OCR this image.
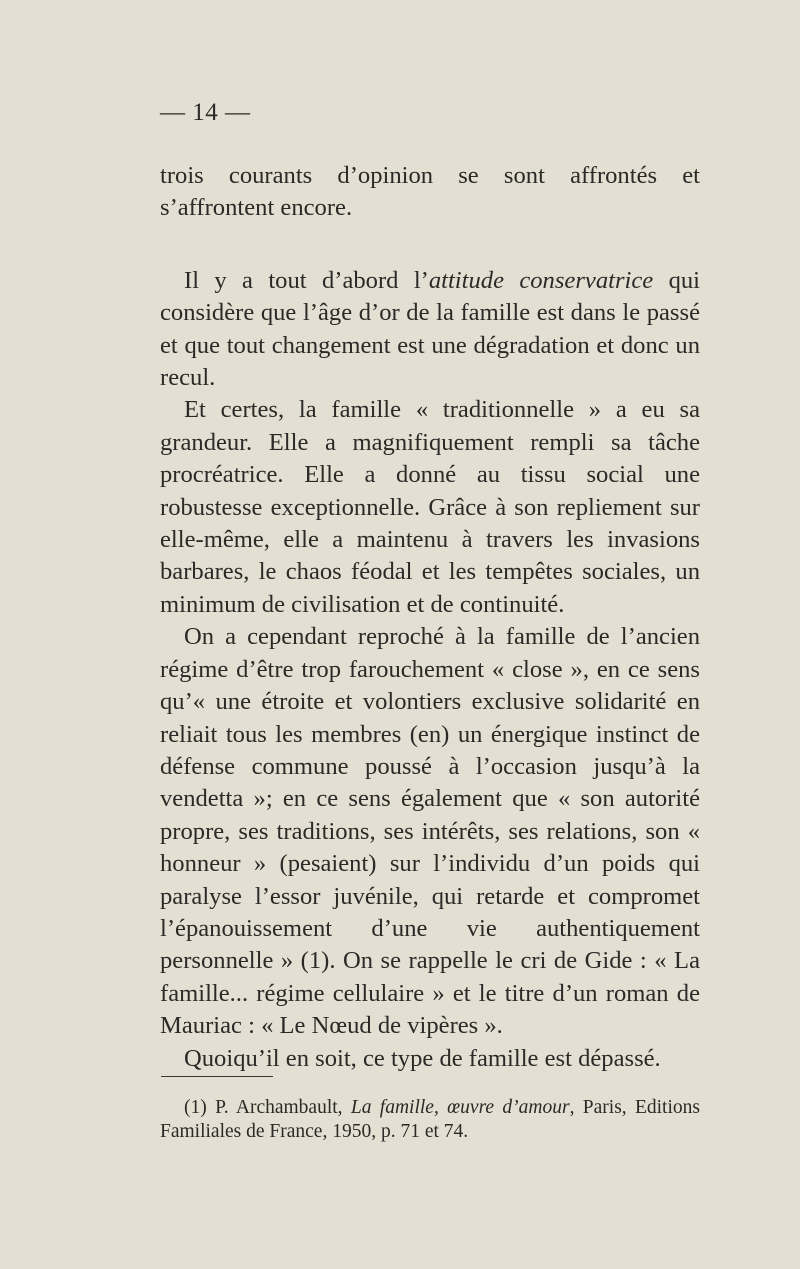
— 14 —

trois courants d’opinion se sont affrontés et s’affrontent encore.

Il y a tout d’abord l’attitude conservatrice qui considère que l’âge d’or de la famille est dans le passé et que tout changement est une dégradation et donc un recul.

Et certes, la famille « traditionnelle » a eu sa grandeur. Elle a magnifiquement rempli sa tâche procréatrice. Elle a donné au tissu social une robustesse exceptionnelle. Grâce à son repliement sur elle-même, elle a maintenu à travers les invasions barbares, le chaos féodal et les tempêtes sociales, un minimum de civilisation et de continuité.

On a cependant reproché à la famille de l’ancien régime d’être trop farouchement « close », en ce sens qu’« une étroite et volontiers exclusive solidarité en reliait tous les membres (en) un énergique instinct de défense commune poussé à l’occasion jusqu’à la vendetta »; en ce sens également que « son autorité propre, ses traditions, ses intérêts, ses relations, son « honneur » (pesaient) sur l’individu d’un poids qui paralyse l’essor juvénile, qui retarde et compromet l’épanouissement d’une vie authentiquement personnelle » (1). On se rappelle le cri de Gide : « La famille... régime cellulaire » et le titre d’un roman de Mauriac : « Le Nœud de vipères ».

Quoiqu’il en soit, ce type de famille est dépassé.

(1) P. Archambault, La famille, œuvre d’amour, Paris, Editions Familiales de France, 1950, p. 71 et 74.
